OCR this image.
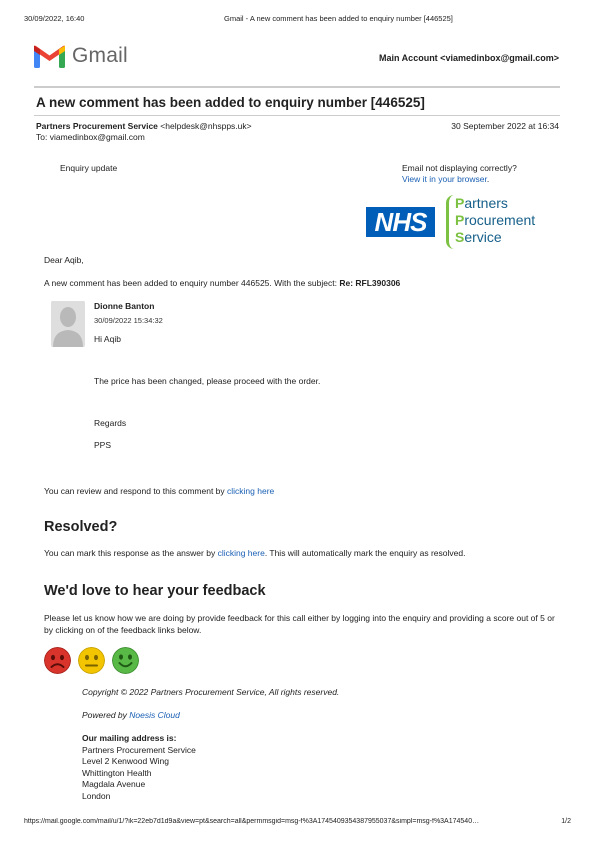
30/09/2022, 16:40	Gmail - A new comment has been added to enquiry number [446525]
Gmail	Main Account <viamedinbox@gmail.com>
A new comment has been added to enquiry number [446525]
Partners Procurement Service <helpdesk@nhspps.uk>	30 September 2022 at 16:34
To: viamedinbox@gmail.com
Enquiry update	Email not displaying correctly?
View it in your browser.
NHS
Partners
Procurement
Service
Dear Aqib,
A new comment has been added to enquiry number 446525. With the subject: Re: RFL390306
Dionne Banton
30/09/2022 15:34:32
Hi Aqib
The price has been changed, please proceed with the order.
Regards
PPS
You can review and respond to this comment by clicking here
Resolved?
You can mark this response as the answer by clicking here. This will automatically mark the enquiry as resolved.
We'd love to hear your feedback
Please let us know how we are doing by provide feedback for this call either by logging into the enquiry and providing a score out of 5 or by clicking on of the feedback links below.
Copyright © 2022 Partners Procurement Service, All rights reserved.
Powered by Noesis Cloud
Our mailing address is:
Partners Procurement Service
Level 2 Kenwood Wing
Whittington Health
Magdala Avenue
London
https://mail.google.com/mail/u/1/?ik=22eb7d1d9a&view=pt&search=all&permmsgid=msg-f%3A1745409354387955037&simpl=msg-f%3A174540…	1/2
